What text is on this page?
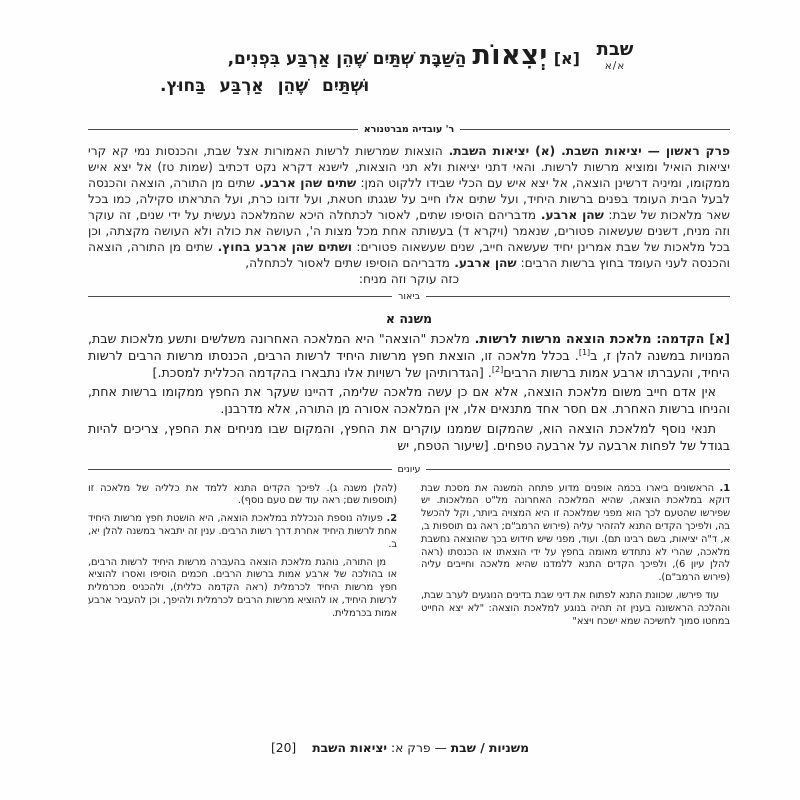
שבת
א/א
[א] יְצִאוֹת הַשַּׁבָּת שְׁתַּיִם שֶׁהֵן אַרְבַּע בִּפְנִים,
וּשְׁתַּיִם שֶׁהֵן אַרְבַּע בַּחוּץ.
ר' עובדיה מברטנורא
פרק ראשון — יציאות השבת. (א) יציאות השבת. הוצאות שמרשות לרשות האמורות אצל שבת, והכנסות נמי קא קרי יציאות הואיל ומוציא מרשות לרשות. והאי דתני יציאות ולא תני הוצאות, לישנא דקרא נקט דכתיב (שמות טז) אל יצא איש ממקומו, ומיניה דרשינן הוצאה, אל יצא איש עם הכלי שבידו ללקוט המן: שתים שהן ארבע. שתים מן התורה, הוצאה והכנסה לבעל הבית העומד בפנים ברשות היחיד, ועל שתים אלו חייב על שגגתו חטאת, ועל זדונו כרת, ועל התראתו סקילה, כמו בכל שאר מלאכות של שבת: שהן ארבע. מדבריהם הוסיפו שתים, לאסור לכתחלה היכא שהמלאכה נעשית על ידי שנים, זה עוקר וזה מניח, דשנים שעשאוה פטורים, שנאמר (ויקרא ד) בעשותה אחת מכל מצות ה', העושה את כולה ולא העושה מקצתה, וכן בכל מלאכות של שבת אמרינן יחיד שעשאה חייב, שנים שעשאוה פטורים: ושתים שהן ארבע בחוץ. שתים מן התורה, הוצאה והכנסה לעני העומד בחוץ ברשות הרבים: שהן ארבע. מדבריהם הוסיפו שתים לאסור לכתחלה,
כזה עוקר וזה מניח:
ביאור
משנה א

[א] הקדמה: מלאכת הוצאה מרשות לרשות. מלאכת "הוצאה" היא המלאכה האחרונה משלשים ותשע מלאכות שבת, המנויות במשנה להלן ז, ב[1]. בכלל מלאכה זו, הוצאת חפץ מרשות היחיד לרשות הרבים, הכנסתו מרשות הרבים לרשות היחיד, והעברתו ארבע אמות ברשות הרבים[2]. [הגדרותיהן של רשויות אלו נתבארו בהקדמה הכללית למסכת.]

אין אדם חייב משום מלאכת הוצאה, אלא אם כן עשה מלאכה שלימה, דהיינו שעקר את החפץ ממקומו ברשות אחת, והניחו ברשות האחרת. אם חסר אחד מתנאים אלו, אין המלאכה אסורה מן התורה, אלא מדרבנן.

תנאי נוסף למלאכת הוצאה הוא, שהמקום שממנו עוקרים את החפץ, והמקום שבו מניחים את החפץ, צריכים להיות בגודל של לפחות ארבעה על ארבעה טפחים. [שיעור הטפח, יש

עיונים

1. הראשונים ביארו בכמה אופנים מדוע פתחה המשנה את מסכת שבת דוקא במלאכת הוצאה, שהיא המלאכה האחרונה מל"ט המלאכות. יש שפירשו שהטעם לכך הוא מפני שמלאכה זו היא המצויה ביותר, וקל להכשל בה, ולפיכך הקדים התנא להזהיר עליה (פירוש הרמב"ם; ראה גם תוספות ב, א, ד"ה יציאות, בשם רבינו תם). ועוד, מפני שיש חידוש בכך שהוצאה נחשבת מלאכה, שהרי לא נתחדש מאומה בחפץ על ידי הוצאתו או הכנסתו (ראה להלן עיון 6), ולפיכך הקדים התנא ללמדנו שהיא מלאכה וחייבים עליה (פירוש הרמב"ם).

עוד פירשו, שכוונת התנא לפתוח את דיני שבת בדינים הנוגעים לערב שבת, וההלכה הראשונה בענין זה תהיה בנוגע למלאכת הוצאה: "לא יצא החייט במחטו סמוך לחשיכה שמא ישכח ויצא"

(להלן משנה ג). לפיכך הקדים התנא ללמד את כלליה של מלאכה זו (תוספות שם; ראה עוד שם טעם נוסף).

2. פעולה נוספת הנכללת במלאכת הוצאה, היא הושטת חפץ מרשות היחיד אחת לרשות היחיד אחרת דרך רשות הרבים. ענין זה יתבאר במשנה להלן יא, ב.

מן התורה, נוהגת מלאכת הוצאה בהעברה מרשות היחיד לרשות הרבים, או בהולכה של ארבע אמות ברשות הרבים. חכמים הוסיפו ואסרו להוציא חפץ מרשות היחיד לכרמלית (ראה הקדמה כללית), ולהכניס מכרמלית לרשות היחיד, או להוציא מרשות הרבים לכרמלית ולהיפך, וכן להעביר ארבע אמות בכרמלית.

משניות / שבת — פרק א: יציאות השבת
[20]
